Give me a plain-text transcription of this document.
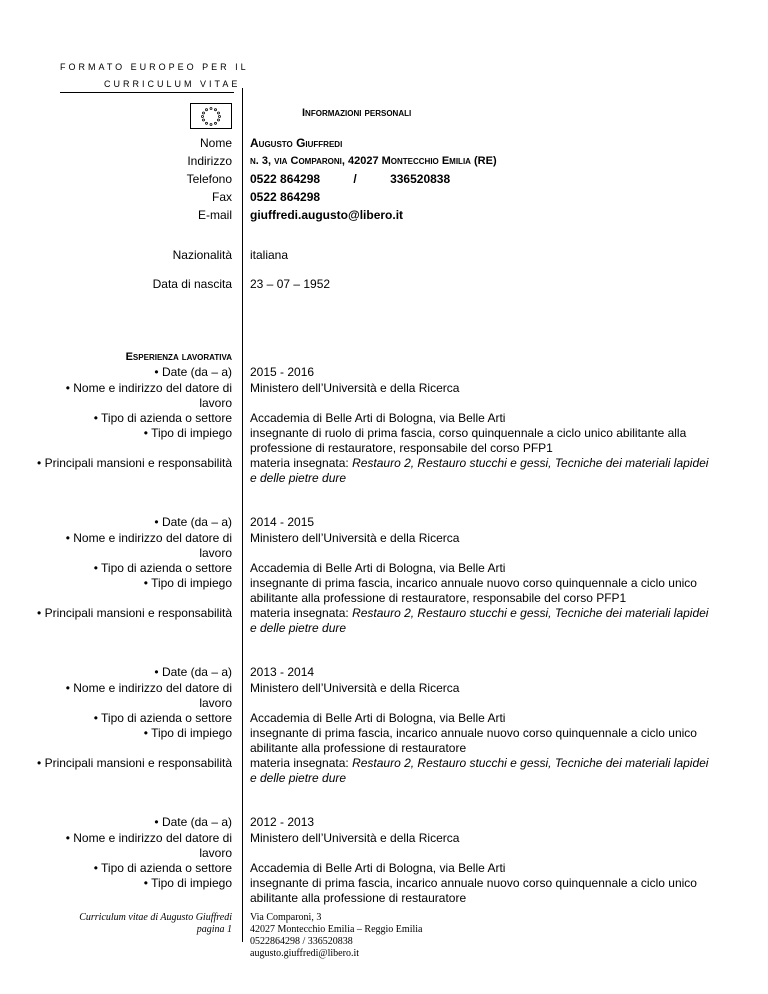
FORMATO EUROPEO PER IL
CURRICULUM VITAE
Informazioni personali
Nome Augusto Giuffredi
Indirizzo n. 3, via Comparoni, 42027 Montecchio Emilia (RE)
Telefono 0522 864298          /          336520838
Fax 0522 864298
E-mail giuffredi.augusto@libero.it
Nazionalità italiana
Data di nascita 23 – 07 – 1952
Esperienza lavorativa
• Date (da – a) 2015 - 2016
• Nome e indirizzo del datore di
lavoro
Ministero dell’Università e della Ricerca
• Tipo di azienda o settore Accademia di Belle Arti di Bologna, via Belle Arti
• Tipo di impiego insegnante di ruolo di prima fascia, corso quinquennale a ciclo unico abilitante alla professione di restauratore, responsabile del corso PFP1
• Principali mansioni e responsabilità materia insegnata: Restauro 2, Restauro stucchi e gessi, Tecniche dei materiali lapidei e delle pietre dure
• Date (da – a) 2014 - 2015
• Nome e indirizzo del datore di
lavoro
Ministero dell’Università e della Ricerca
• Tipo di azienda o settore Accademia di Belle Arti di Bologna, via Belle Arti
• Tipo di impiego insegnante di prima fascia, incarico annuale nuovo corso quinquennale a ciclo unico abilitante alla professione di restauratore, responsabile del corso PFP1
• Principali mansioni e responsabilità materia insegnata: Restauro 2, Restauro stucchi e gessi, Tecniche dei materiali lapidei e delle pietre dure
• Date (da – a) 2013 - 2014
• Nome e indirizzo del datore di
lavoro
Ministero dell’Università e della Ricerca
• Tipo di azienda o settore Accademia di Belle Arti di Bologna, via Belle Arti
• Tipo di impiego insegnante di prima fascia, incarico annuale nuovo corso quinquennale a ciclo unico abilitante alla professione di restauratore
• Principali mansioni e responsabilità materia insegnata: Restauro 2, Restauro stucchi e gessi, Tecniche dei materiali lapidei e delle pietre dure
• Date (da – a) 2012 - 2013
• Nome e indirizzo del datore di
lavoro
Ministero dell’Università e della Ricerca
• Tipo di azienda o settore Accademia di Belle Arti di Bologna, via Belle Arti
• Tipo di impiego insegnante di prima fascia, incarico annuale nuovo corso quinquennale a ciclo unico abilitante alla professione di restauratore
Curriculum vitae di Augusto Giuffredi
pagina 1
Via Comparoni, 3
42027 Montecchio Emilia – Reggio Emilia
0522864298 / 336520838
augusto.giuffredi@libero.it
